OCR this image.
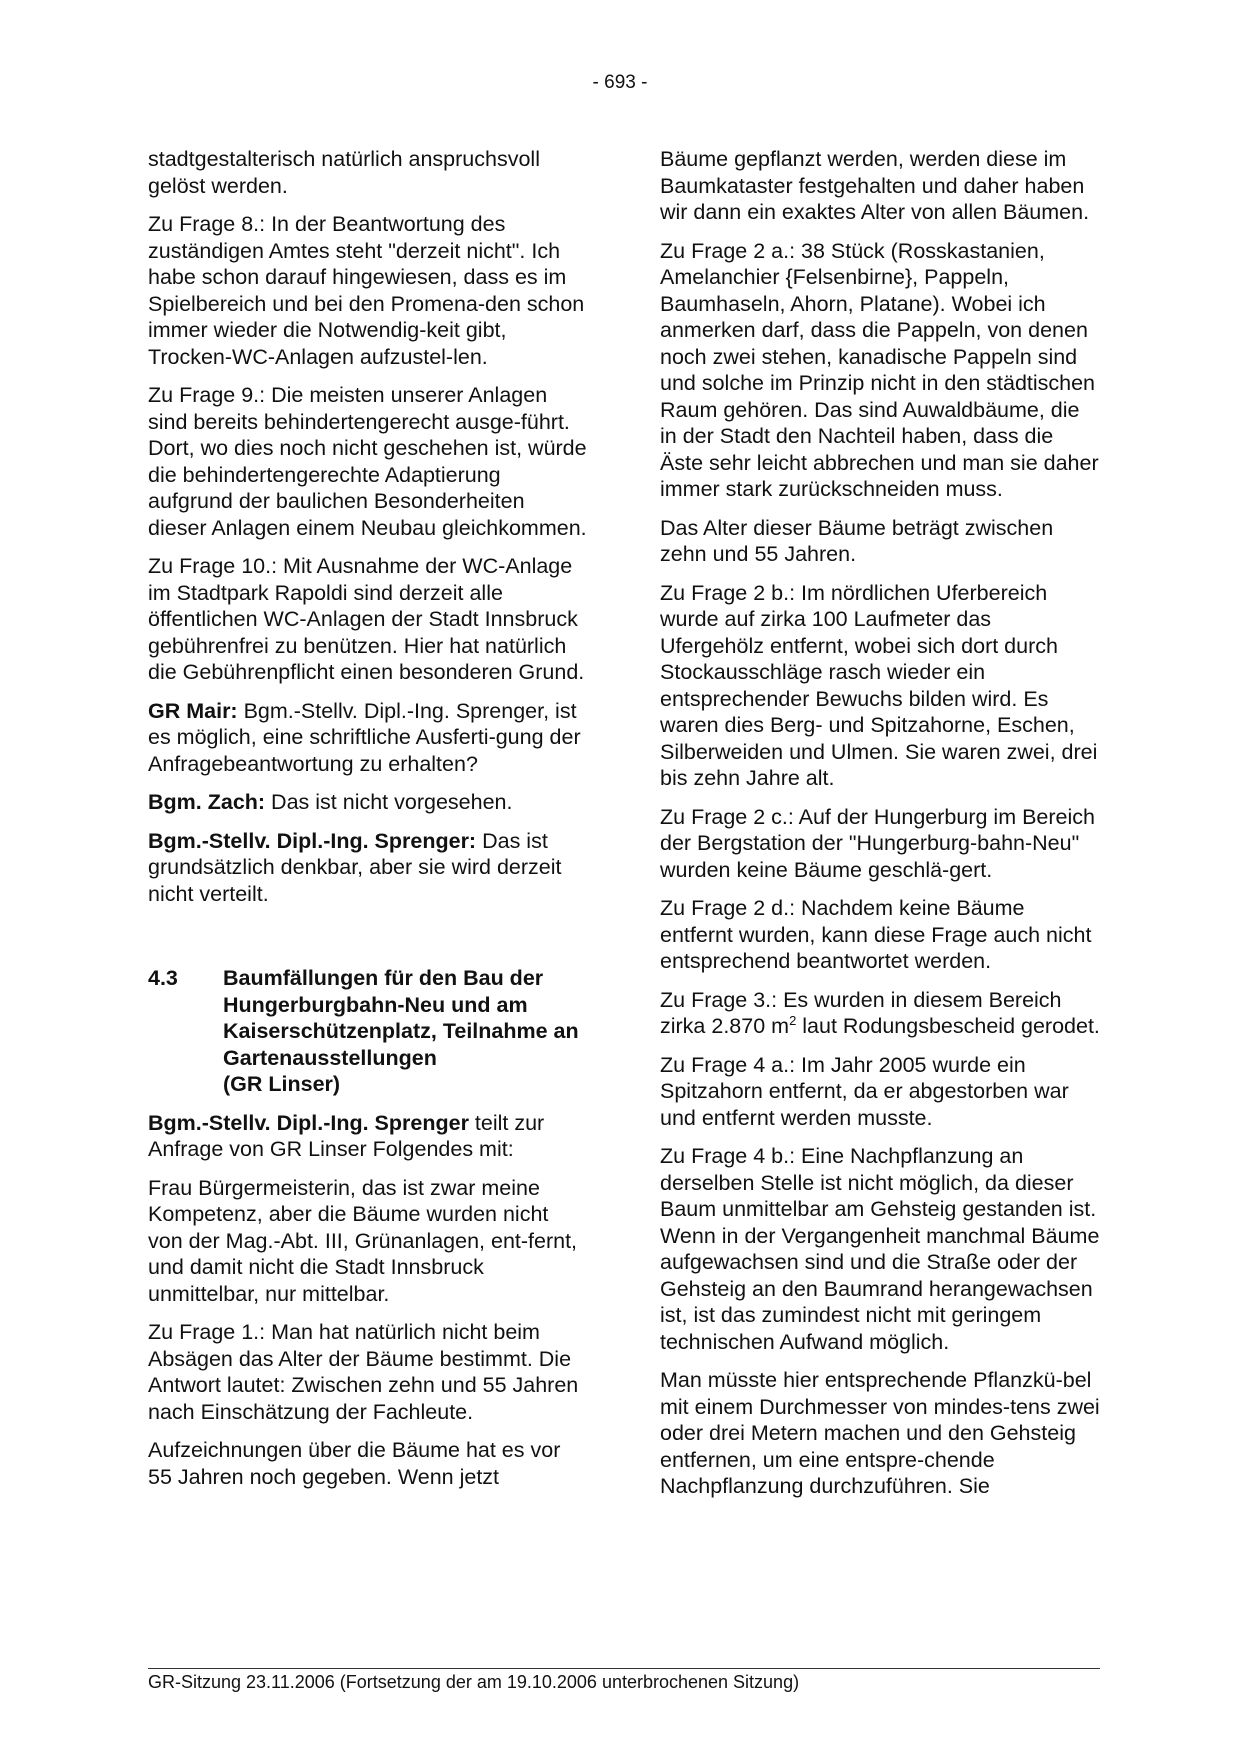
- 693 -

stadtgestalterisch natürlich anspruchsvoll gelöst werden.

Zu Frage 8.: In der Beantwortung des zuständigen Amtes steht "derzeit nicht". Ich habe schon darauf hingewiesen, dass es im Spielbereich und bei den Promena-den schon immer wieder die Notwendig-keit gibt, Trocken-WC-Anlagen aufzustel-len.

Zu Frage 9.: Die meisten unserer Anlagen sind bereits behindertengerecht ausge-führt. Dort, wo dies noch nicht geschehen ist, würde die behindertengerechte Adaptierung aufgrund der baulichen Besonderheiten dieser Anlagen einem Neubau gleichkommen.

Zu Frage 10.: Mit Ausnahme der WC-Anlage im Stadtpark Rapoldi sind derzeit alle öffentlichen WC-Anlagen der Stadt Innsbruck gebührenfrei zu benützen. Hier hat natürlich die Gebührenpflicht einen besonderen Grund.

GR Mair: Bgm.-Stellv. Dipl.-Ing. Sprenger, ist es möglich, eine schriftliche Ausferti-gung der Anfragebeantwortung zu erhalten?

Bgm. Zach: Das ist nicht vorgesehen.

Bgm.-Stellv. Dipl.-Ing. Sprenger: Das ist grundsätzlich denkbar, aber sie wird derzeit nicht verteilt.

4.3	Baumfällungen für den Bau der Hungerburgbahn-Neu und am Kaiserschützenplatz, Teilnahme an Gartenausstellungen
(GR Linser)

Bgm.-Stellv. Dipl.-Ing. Sprenger teilt zur Anfrage von GR Linser Folgendes mit:

Frau Bürgermeisterin, das ist zwar meine Kompetenz, aber die Bäume wurden nicht von der Mag.-Abt. III, Grünanlagen, ent-fernt, und damit nicht die Stadt Innsbruck unmittelbar, nur mittelbar.

Zu Frage 1.: Man hat natürlich nicht beim Absägen das Alter der Bäume bestimmt. Die Antwort lautet: Zwischen zehn und 55 Jahren nach Einschätzung der Fachleute.

Aufzeichnungen über die Bäume hat es vor 55 Jahren noch gegeben. Wenn jetzt

Bäume gepflanzt werden, werden diese im Baumkataster festgehalten und daher haben wir dann ein exaktes Alter von allen Bäumen.

Zu Frage 2 a.: 38 Stück (Rosskastanien, Amelanchier {Felsenbirne}, Pappeln, Baumhaseln, Ahorn, Platane). Wobei ich anmerken darf, dass die Pappeln, von denen noch zwei stehen, kanadische Pappeln sind und solche im Prinzip nicht in den städtischen Raum gehören. Das sind Auwaldbäume, die in der Stadt den Nachteil haben, dass die Äste sehr leicht abbrechen und man sie daher immer stark zurückschneiden muss.

Das Alter dieser Bäume beträgt zwischen zehn und 55 Jahren.

Zu Frage 2 b.: Im nördlichen Uferbereich wurde auf zirka 100 Laufmeter das Ufergehölz entfernt, wobei sich dort durch Stockausschläge rasch wieder ein entsprechender Bewuchs bilden wird. Es waren dies Berg- und Spitzahorne, Eschen, Silberweiden und Ulmen. Sie waren zwei, drei bis zehn Jahre alt.

Zu Frage 2 c.: Auf der Hungerburg im Bereich der Bergstation der "Hungerburg-bahn-Neu" wurden keine Bäume geschlä-gert.

Zu Frage 2 d.: Nachdem keine Bäume entfernt wurden, kann diese Frage auch nicht entsprechend beantwortet werden.

Zu Frage 3.: Es wurden in diesem Bereich zirka 2.870 $m^2$ laut Rodungsbescheid gerodet.

Zu Frage 4 a.: Im Jahr 2005 wurde ein Spitzahorn entfernt, da er abgestorben war und entfernt werden musste.

Zu Frage 4 b.: Eine Nachpflanzung an derselben Stelle ist nicht möglich, da dieser Baum unmittelbar am Gehsteig gestanden ist. Wenn in der Vergangenheit manchmal Bäume aufgewachsen sind und die Straße oder der Gehsteig an den Baumrand herangewachsen ist, ist das zumindest nicht mit geringem technischen Aufwand möglich.

Man müsste hier entsprechende Pflanzkü-bel mit einem Durchmesser von mindes-tens zwei oder drei Metern machen und den Gehsteig entfernen, um eine entspre-chende Nachpflanzung durchzuführen. Sie

GR-Sitzung 23.11.2006 (Fortsetzung der am 19.10.2006 unterbrochenen Sitzung)
